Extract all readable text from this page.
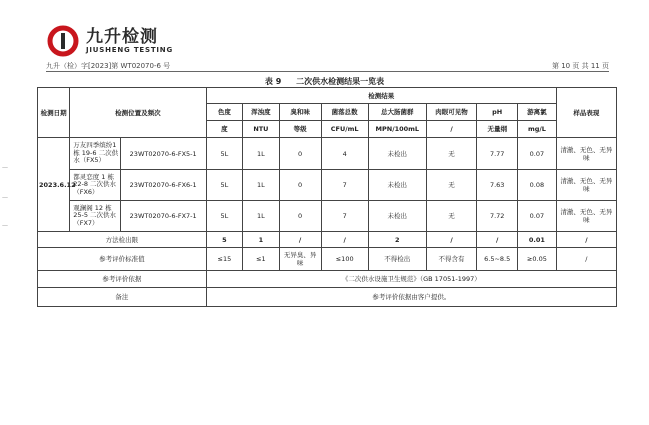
九升检测
JIUSHENG TESTING
九升（检）字[2023]第 WT02070-6 号	第 10 页 共 11 页
表 9 二次供水检测结果一览表
—
—
—
检测日期	检测位置及频次		检测结果								样品表现
			色度	浑浊度	臭和味	菌落总数	总大肠菌群	肉眼可见物	pH	游离氯	
			度	NTU	等级	CFU/mL	MPN/100mL	/	无量纲	mg/L	
2023.6.12	万友四季缤纷1 栋 19-6 二次供水（FX5）	23WT02070-6-FX5-1	5L	1L	0	4	未检出	无	7.77	0.07	清澈、无色、无异味
	都灵恋度 1 栋22-8 二次供水（FX6）	23WT02070-6-FX6-1	5L	1L	0	7	未检出	无	7.63	0.08	清澈、无色、无异味
	观澜阁 12 栋25-5 二次供水（FX7）	23WT02070-6-FX7-1	5L	1L	0	7	未检出	无	7.72	0.07	清澈、无色、无异味
方法检出限			5	1	/	/	2	/	/	0.01	/
参考评价标准值			≤15	≤1	无异臭、异味	≤100	不得检出	不得含有	6.5~8.5	≥0.05	/
参考评价依据			《二次供水设施卫生规范》（GB 17051-1997）								
备注			参考评价依据由客户提供。								
